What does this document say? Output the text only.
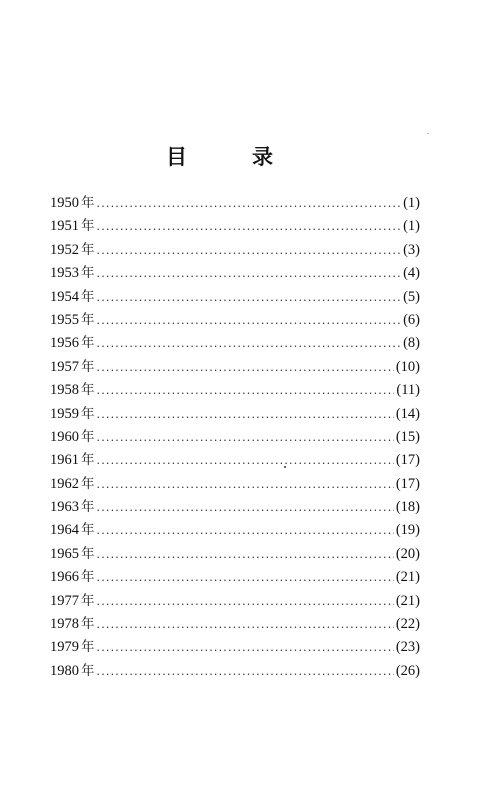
目	录
1950 年 .....	(1)
1951 年 .....	(1)
1952 年 .....	(3)
1953 年 .....	(4)
1954 年 .....	(5)
1955 年 .....	(6)
1956 年 .....	(8)
1957 年 .....	(10)
1958 年 .....	(11)
1959 年 .....	(14)
1960 年 .....	(15)
1961 年 .....	(17)
1962 年 .....	(17)
1963 年 .....	(18)
1964 年 .....	(19)
1965 年 .....	(20)
1966 年 .....	(21)
1977 年 .....	(21)
1978 年 .....	(22)
1979 年 .....	(23)
1980 年 .....	(26)
